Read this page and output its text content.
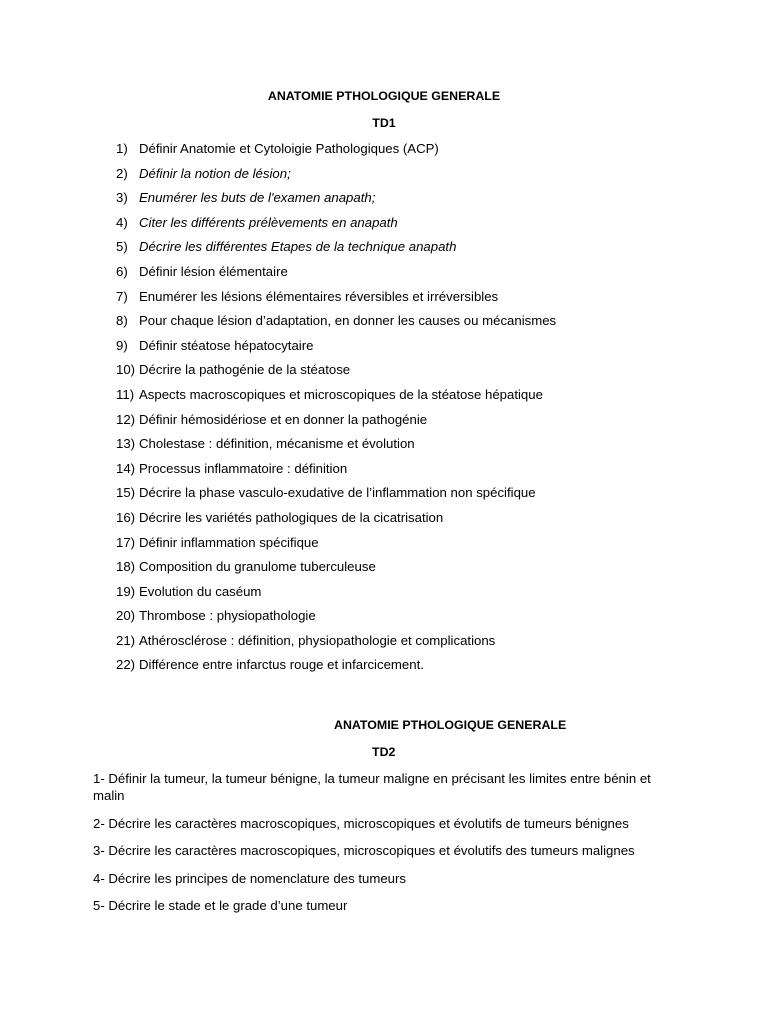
ANATOMIE PTHOLOGIQUE GENERALE
TD1
1) Définir Anatomie et Cytoloigie Pathologiques (ACP)
2) Définir la notion de lésion;
3) Enumérer les buts de l'examen anapath;
4) Citer les différents prélèvements en anapath
5) Décrire les différentes Etapes de la technique anapath
6) Définir lésion élémentaire
7) Enumérer les lésions élémentaires réversibles et irréversibles
8) Pour chaque lésion d’adaptation, en donner les causes ou mécanismes
9) Définir stéatose hépatocytaire
10) Décrire la pathogénie de la stéatose
11) Aspects macroscopiques et microscopiques de la stéatose hépatique
12) Définir hémosidériose et en donner la pathogénie
13) Cholestase : définition, mécanisme et évolution
14) Processus inflammatoire : définition
15) Décrire la phase vasculo-exudative de l’inflammation non spécifique
16) Décrire les variétés pathologiques de la cicatrisation
17) Définir inflammation spécifique
18) Composition du granulome tuberculeuse
19) Evolution du caséum
20) Thrombose : physiopathologie
21) Athérosclérose : définition, physiopathologie et complications
22) Différence entre infarctus rouge et infarcicement.
ANATOMIE PTHOLOGIQUE GENERALE
TD2

1- Définir la tumeur, la tumeur bénigne, la tumeur maligne en précisant les limites entre bénin et malin

2- Décrire les caractères macroscopiques, microscopiques et évolutifs de tumeurs bénignes

3- Décrire les caractères macroscopiques, microscopiques et évolutifs des tumeurs malignes

4- Décrire les principes de nomenclature des tumeurs

5- Décrire le stade et le grade d’une tumeur
